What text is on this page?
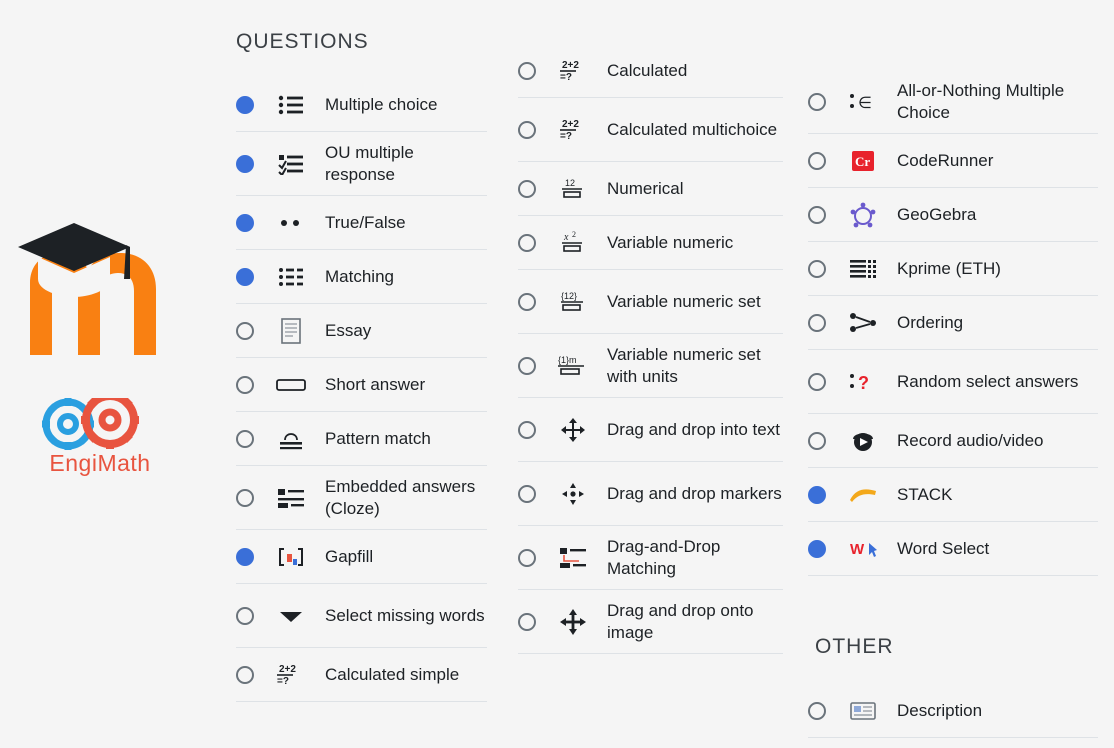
EngiMath
QUESTIONS
OTHER
Multiple choice
OU multiple response
True/False
Matching
Essay
Short answer
Pattern match
Embedded answers (Cloze)
Gapfill
Select missing words
2+2
=? Calculated simple
2+2
=? Calculated
2+2
=? Calculated multichoice
12 Numerical
x 2 Variable numeric
{12} Variable numeric set
{1}m Variable numeric set with units
Drag and drop into text
Drag and drop markers
Drag-and-Drop Matching
Drag and drop onto image
∈
All-or-Nothing Multiple Choice
Cr CodeRunner
GeoGebra
Kprime (ETH)
Ordering
? Random select answers
Record audio/video
STACK
W Word Select
Description
